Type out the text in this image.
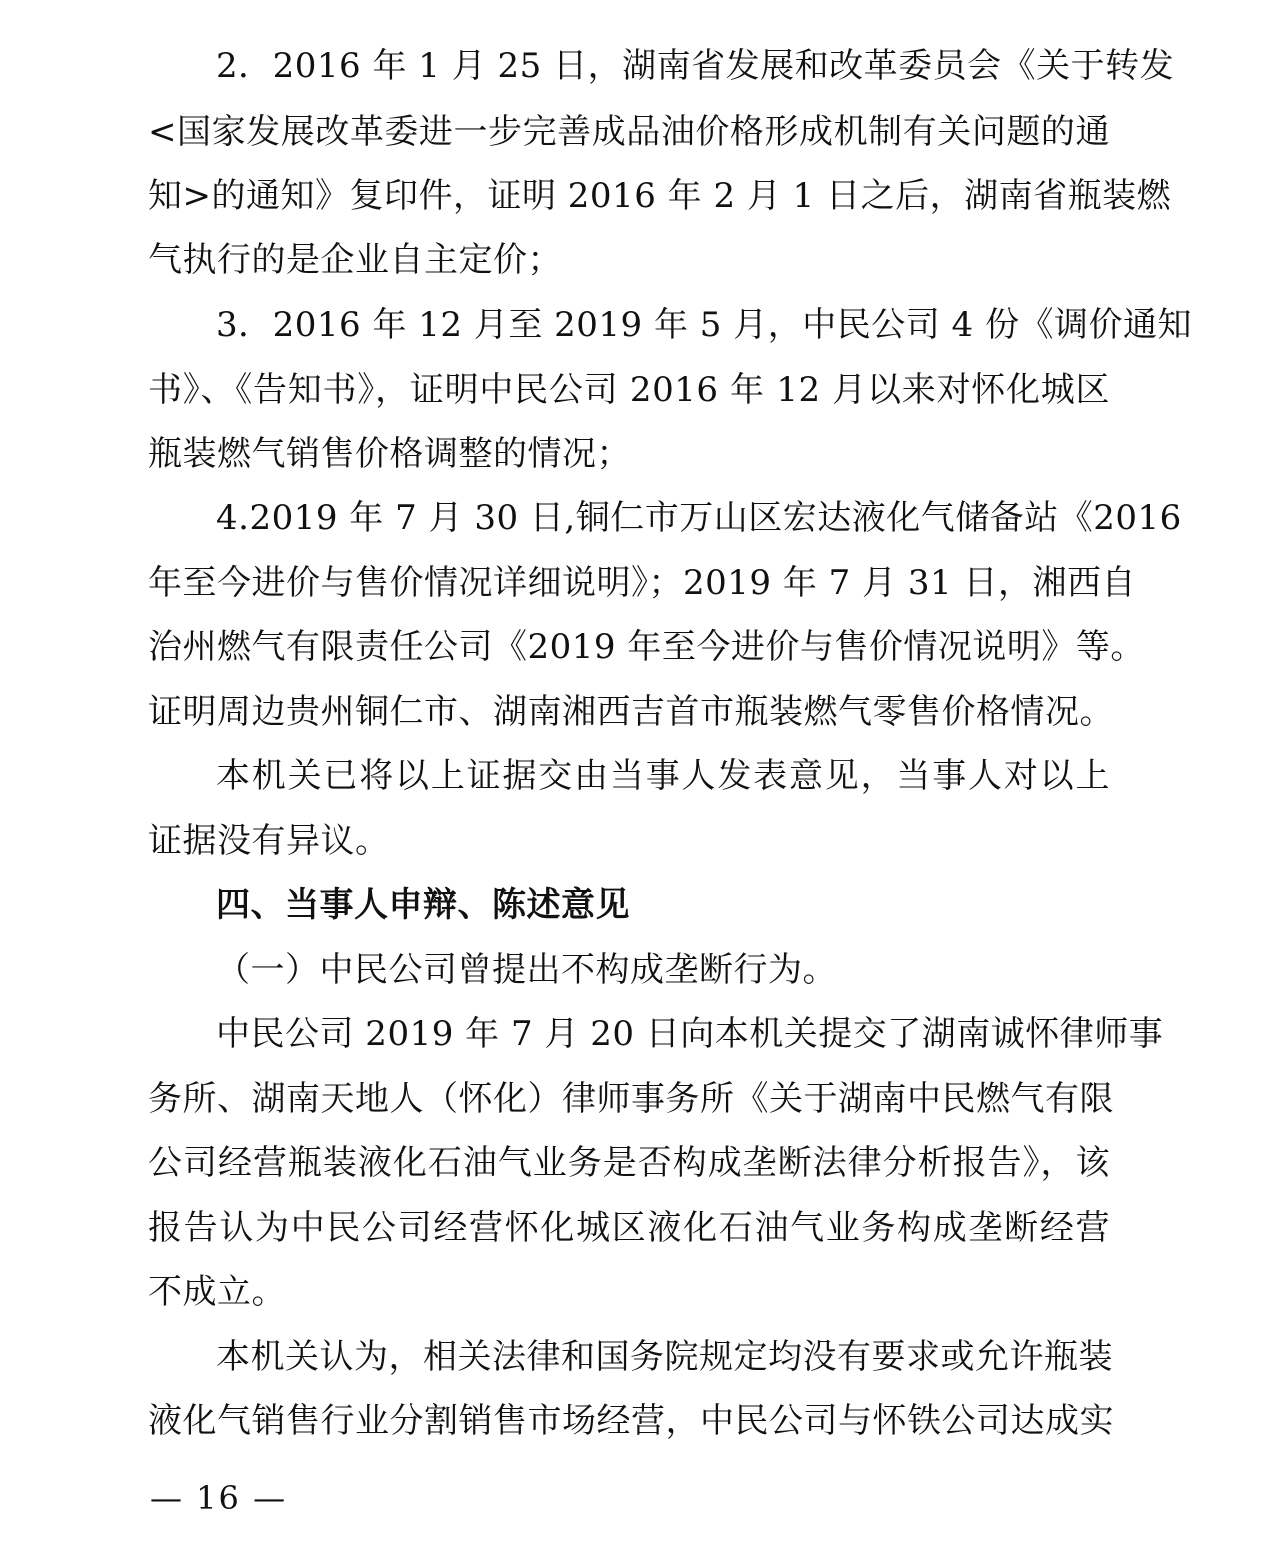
2．2016 年 1 月 25 日，湖南省发展和改革委员会《关于转发
<国家发展改革委进一步完善成品油价格形成机制有关问题的通
知>的通知》复印件，证明 2016 年 2 月 1 日之后，湖南省瓶装燃
气执行的是企业自主定价；
3．2016 年 12 月至 2019 年 5 月，中民公司 4 份《调价通知
书》、《告知书》，证明中民公司 2016 年 12 月以来对怀化城区
瓶装燃气销售价格调整的情况；
4.2019 年 7 月 30 日,铜仁市万山区宏达液化气储备站《2016
年至今进价与售价情况详细说明》；2019 年 7 月 31 日，湘西自
治州燃气有限责任公司《2019 年至今进价与售价情况说明》等。
证明周边贵州铜仁市、湖南湘西吉首市瓶装燃气零售价格情况。
本机关已将以上证据交由当事人发表意见，当事人对以上
证据没有异议。
四、当事人申辩、陈述意见
（一）中民公司曾提出不构成垄断行为。
中民公司 2019 年 7 月 20 日向本机关提交了湖南诚怀律师事
务所、湖南天地人（怀化）律师事务所《关于湖南中民燃气有限
公司经营瓶装液化石油气业务是否构成垄断法律分析报告》，该
报告认为中民公司经营怀化城区液化石油气业务构成垄断经营
不成立。
本机关认为，相关法律和国务院规定均没有要求或允许瓶装
液化气销售行业分割销售市场经营，中民公司与怀铁公司达成实
— 16 —
